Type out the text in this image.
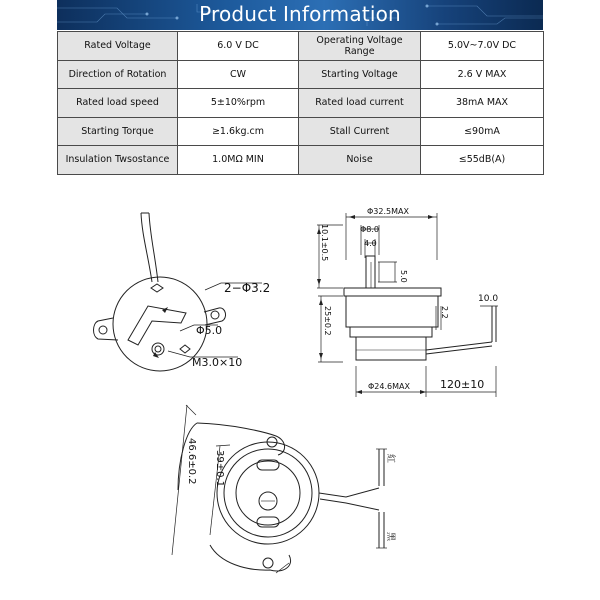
Product Information
Rated Voltage	6.0 V DC	Operating Voltage Range	5.0V~7.0V DC
Direction of Rotation	CW	Starting Voltage	2.6 V MAX
Rated load speed	5±10%rpm	Rated load current	38mA MAX
Starting Torque	≥1.6kg.cm	Stall Current	≤90mA
Insulation Twsostance	1.0MΩ MIN	Noise	≤55dB(A)
2−Φ3.2
Φ5.0
M3.0×10
Φ32.5MAX
Φ8.0
4.0
5.0
10.1±0.5
25±0.2	2.2
10.0
Φ24.6MAX	120±10
46.6±0.2 39±0.1	紅
黑
